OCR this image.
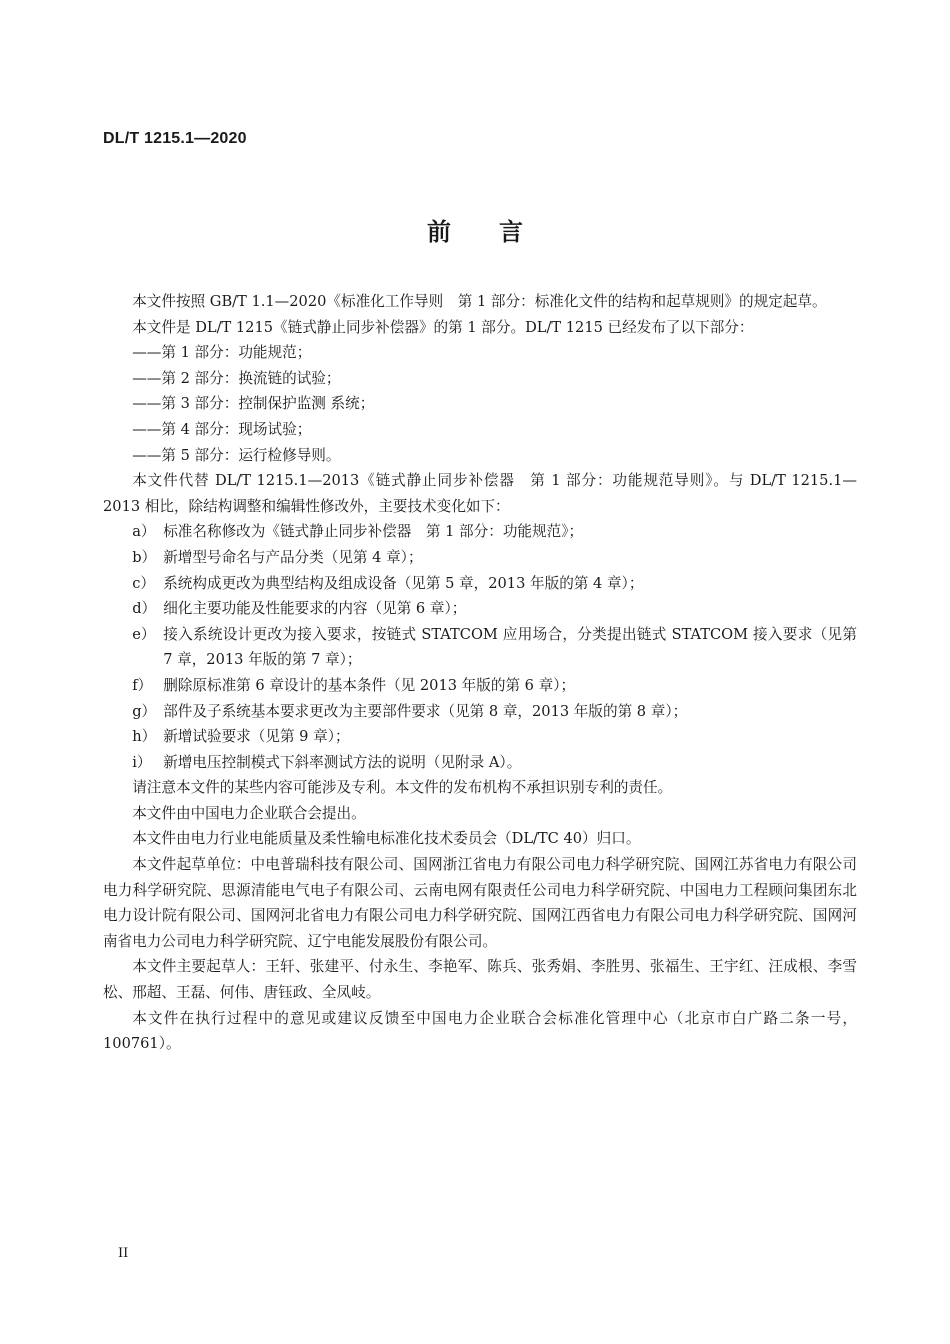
DL/T 1215.1—2020
前 言

本文件按照 GB/T 1.1—2020《标准化工作导则　第 1 部分：标准化文件的结构和起草规则》的规定起草。

本文件是 DL/T 1215《链式静止同步补偿器》的第 1 部分。DL/T 1215 已经发布了以下部分：

——第 1 部分：功能规范；

——第 2 部分：换流链的试验；

——第 3 部分：控制保护监测 系统；

——第 4 部分：现场试验；

——第 5 部分：运行检修导则。

本文件代替 DL/T 1215.1—2013《链式静止同步补偿器　第 1 部分：功能规范导则》。与 DL/T 1215.1—2013 相比，除结构调整和编辑性修改外，主要技术变化如下：

a） 标准名称修改为《链式静止同步补偿器　第 1 部分：功能规范》；
b） 新增型号命名与产品分类（见第 4 章）；
c） 系统构成更改为典型结构及组成设备（见第 5 章，2013 年版的第 4 章）；
d） 细化主要功能及性能要求的内容（见第 6 章）；
e） 接入系统设计更改为接入要求，按链式 STATCOM 应用场合，分类提出链式 STATCOM 接入要求（见第 7 章，2013 年版的第 7 章）；
f） 删除原标准第 6 章设计的基本条件（见 2013 年版的第 6 章）；
g） 部件及子系统基本要求更改为主要部件要求（见第 8 章，2013 年版的第 8 章）；
h） 新增试验要求（见第 9 章）；
i） 新增电压控制模式下斜率测试方法的说明（见附录 A）。

请注意本文件的某些内容可能涉及专利。本文件的发布机构不承担识别专利的责任。

本文件由中国电力企业联合会提出。

本文件由电力行业电能质量及柔性输电标准化技术委员会（DL/TC 40）归口。

本文件起草单位：中电普瑞科技有限公司、国网浙江省电力有限公司电力科学研究院、国网江苏省电力有限公司电力科学研究院、思源清能电气电子有限公司、云南电网有限责任公司电力科学研究院、中国电力工程顾问集团东北电力设计院有限公司、国网河北省电力有限公司电力科学研究院、国网江西省电力有限公司电力科学研究院、国网河南省电力公司电力科学研究院、辽宁电能发展股份有限公司。

本文件主要起草人：王轩、张建平、付永生、李艳军、陈兵、张秀娟、李胜男、张福生、王宇红、汪成根、李雪松、邢超、王磊、何伟、唐钰政、全凤岐。

本文件在执行过程中的意见或建议反馈至中国电力企业联合会标准化管理中心（北京市白广路二条一号，100761）。

II
